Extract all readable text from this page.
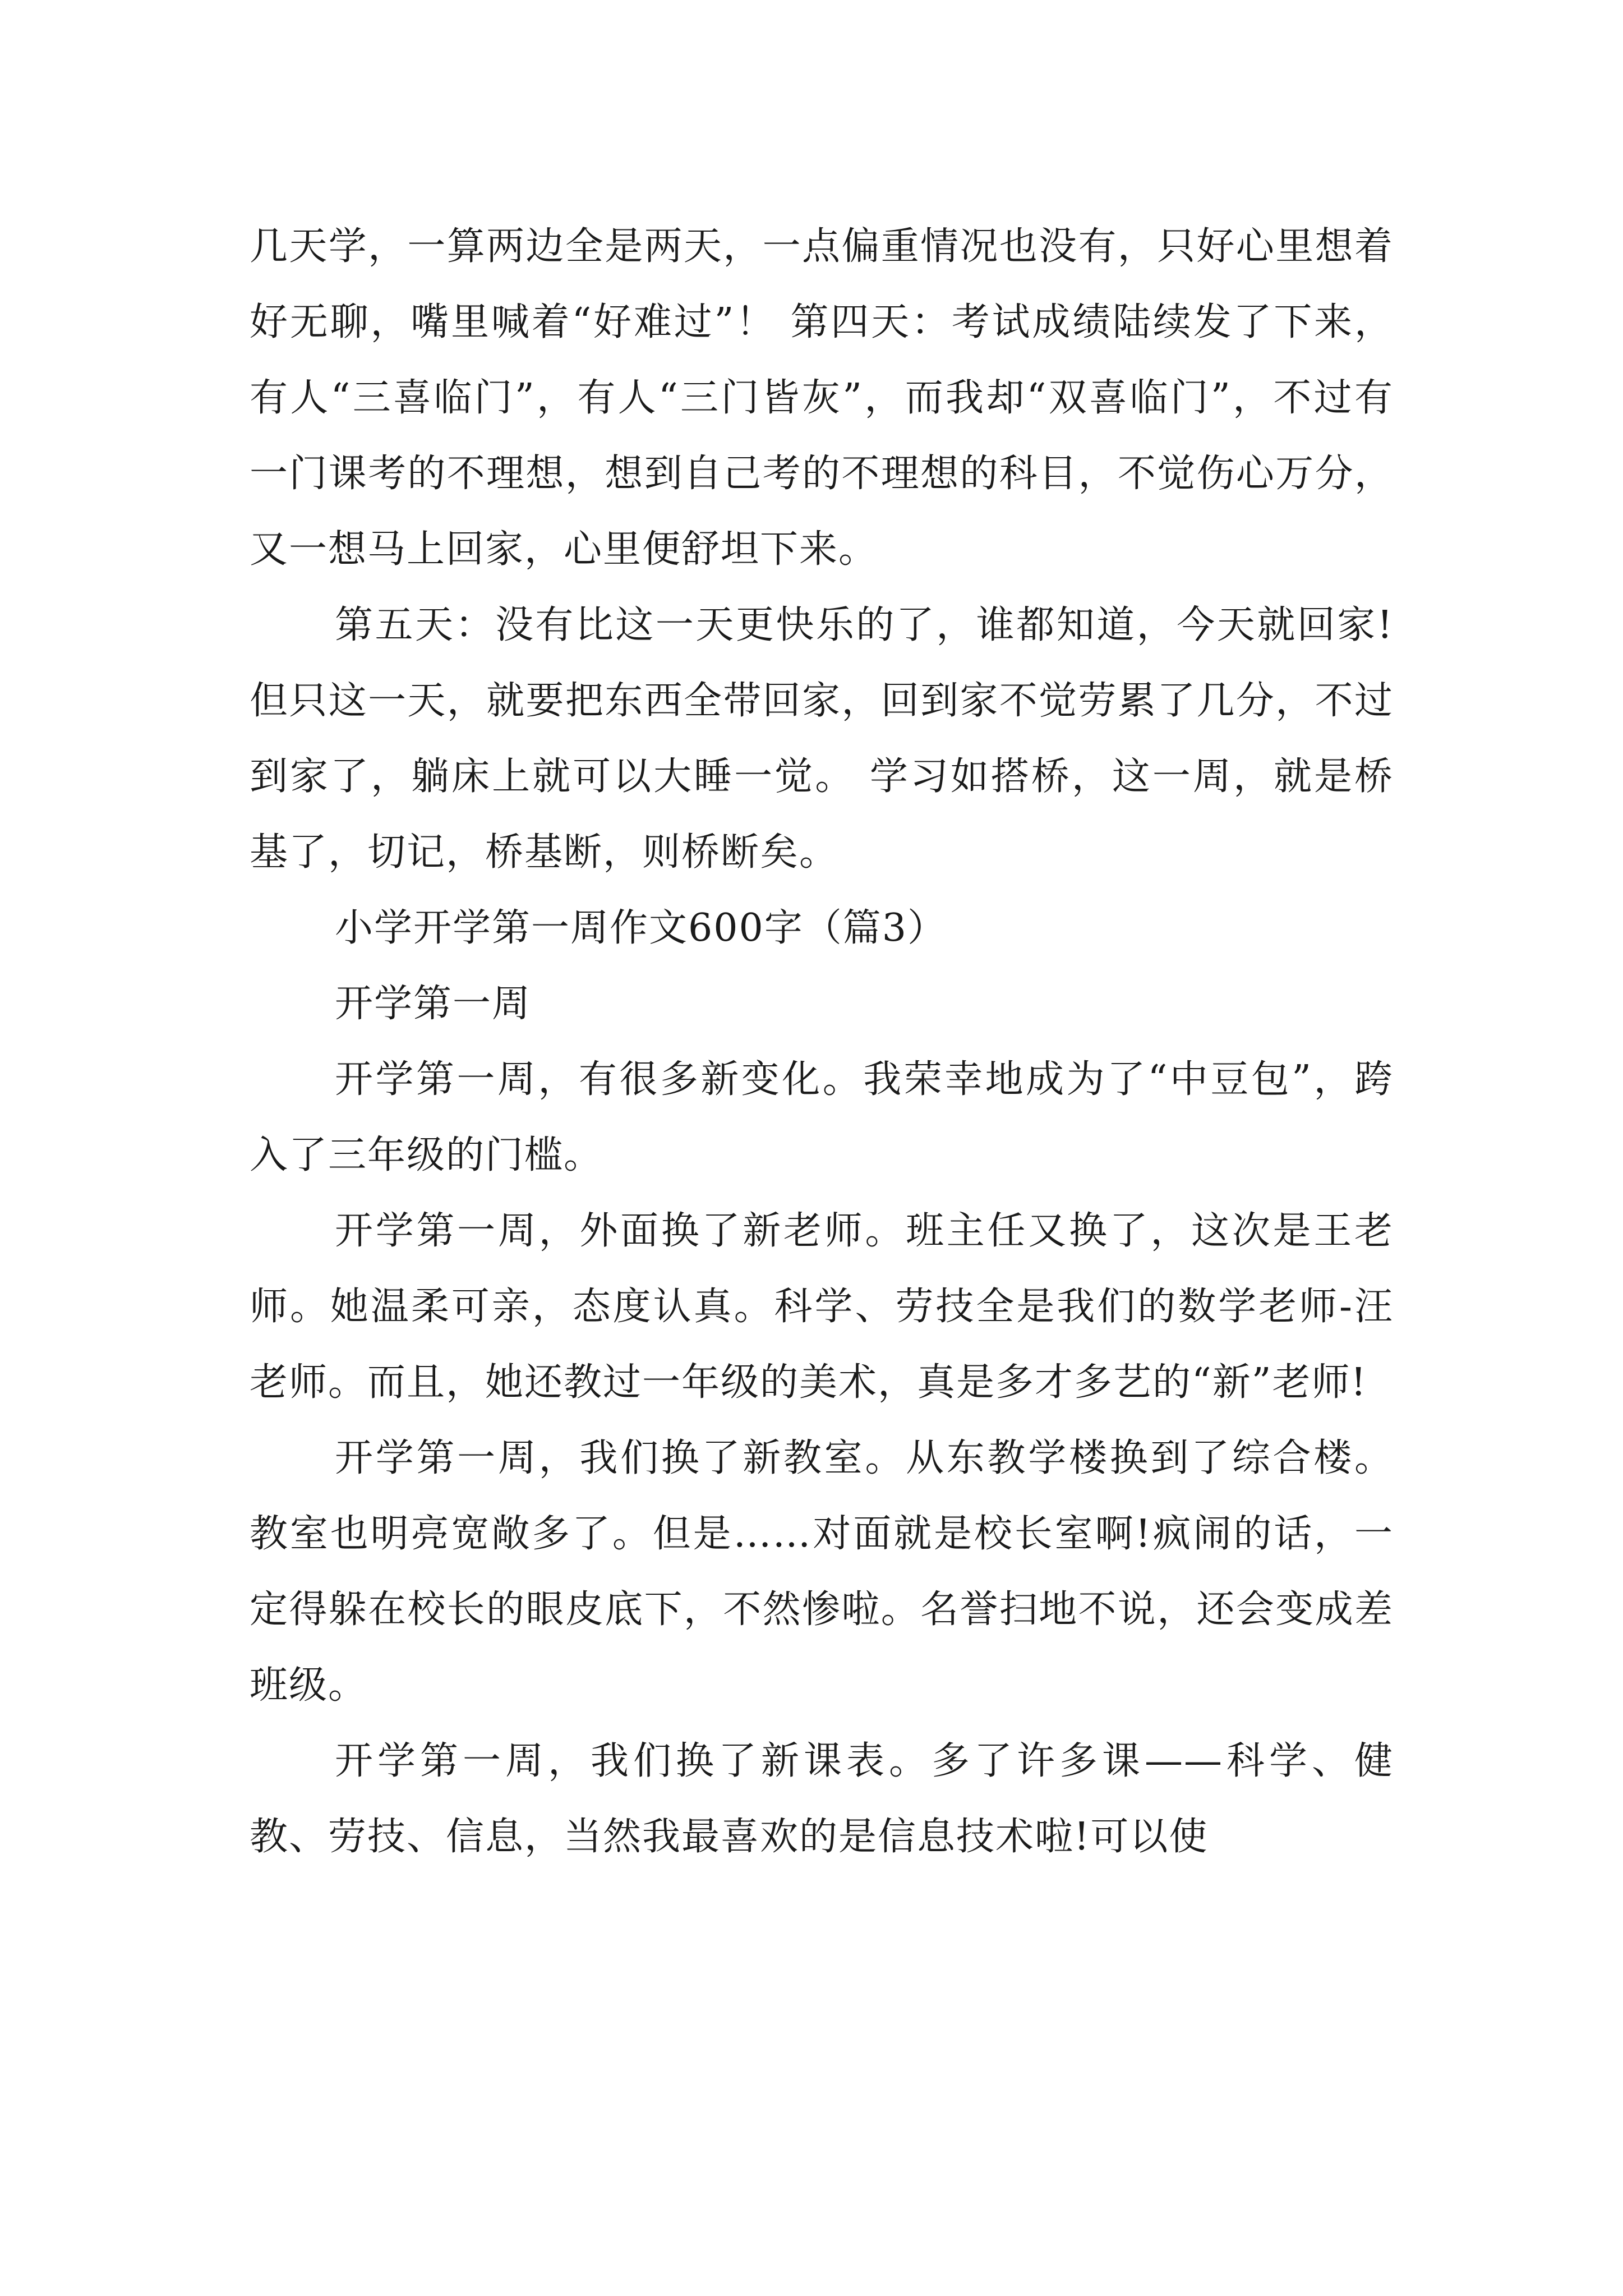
几天学，一算两边全是两天，一点偏重情况也没有，只好心里想着好无聊，嘴里喊着“好难过”！ 第四天：考试成绩陆续发了下来，有人“三喜临门”，有人“三门皆灰”，而我却“双喜临门”，不过有一门课考的不理想，想到自己考的不理想的科目，不觉伤心万分，又一想马上回家，心里便舒坦下来。

第五天：没有比这一天更快乐的了，谁都知道，今天就回家!但只这一天，就要把东西全带回家，回到家不觉劳累了几分，不过到家了，躺床上就可以大睡一觉。 学习如搭桥，这一周，就是桥基了，切记，桥基断，则桥断矣。

小学开学第一周作文600字（篇3）

开学第一周

开学第一周，有很多新变化。我荣幸地成为了“中豆包”，跨入了三年级的门槛。

开学第一周，外面换了新老师。班主任又换了，这次是王老师。她温柔可亲，态度认真。科学、劳技全是我们的数学老师-汪老师。而且，她还教过一年级的美术，真是多才多艺的“新”老师!

开学第一周，我们换了新教室。从东教学楼换到了综合楼。教室也明亮宽敞多了。但是……对面就是校长室啊!疯闹的话，一定得躲在校长的眼皮底下，不然惨啦。名誉扫地不说，还会变成差班级。

开学第一周，我们换了新课表。多了许多课——科学、健教、劳技、信息，当然我最喜欢的是信息技术啦!可以使
